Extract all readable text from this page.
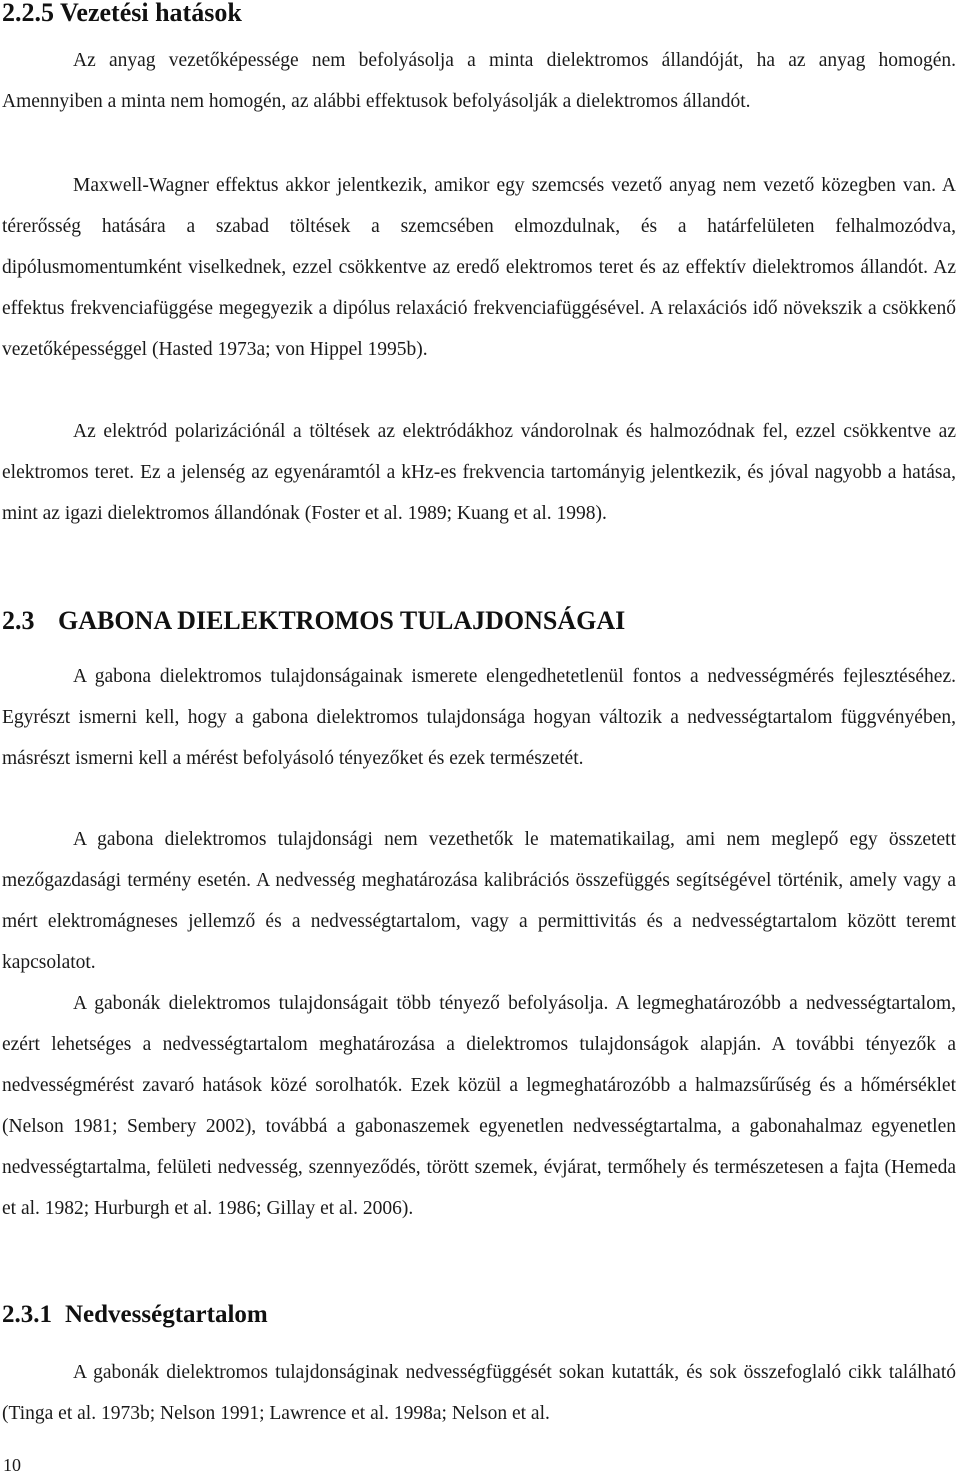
2.2.5 Vezetési hatások

Az anyag vezetőképessége nem befolyásolja a minta dielektromos állandóját, ha az anyag homogén. Amennyiben a minta nem homogén, az alábbi effektusok befolyásolják a dielektromos állandót.

Maxwell-Wagner effektus akkor jelentkezik, amikor egy szemcsés vezető anyag nem vezető közegben van. A térerősség hatására a szabad töltések a szemcsében elmozdulnak, és a határfelületen felhalmozódva, dipólusmomentumként viselkednek, ezzel csökkentve az eredő elektromos teret és az effektív dielektromos állandót. Az effektus frekvenciafüggése megegyezik a dipólus relaxáció frekvenciafüggésével. A relaxációs idő növekszik a csökkenő vezetőképességgel (Hasted 1973a; von Hippel 1995b).

Az elektród polarizációnál a töltések az elektródákhoz vándorolnak és halmozódnak fel, ezzel csökkentve az elektromos teret. Ez a jelenség az egyenáramtól a kHz-es frekvencia tartományig jelentkezik, és jóval nagyobb a hatása, mint az igazi dielektromos állandónak (Foster et al. 1989; Kuang et al. 1998).

2.3 GABONA DIELEKTROMOS TULAJDONSÁGAI

A gabona dielektromos tulajdonságainak ismerete elengedhetetlenül fontos a nedvességmérés fejlesztéséhez. Egyrészt ismerni kell, hogy a gabona dielektromos tulajdonsága hogyan változik a nedvességtartalom függvényében, másrészt ismerni kell a mérést befolyásoló tényezőket és ezek természetét.

A gabona dielektromos tulajdonsági nem vezethetők le matematikailag, ami nem meglepő egy összetett mezőgazdasági termény esetén. A nedvesség meghatározása kalibrációs összefüggés segítségével történik, amely vagy a mért elektromágneses jellemző és a nedvességtartalom, vagy a permittivitás és a nedvességtartalom között teremt kapcsolatot.

A gabonák dielektromos tulajdonságait több tényező befolyásolja. A legmeghatározóbb a nedvességtartalom, ezért lehetséges a nedvességtartalom meghatározása a dielektromos tulajdonságok alapján. A további tényezők a nedvességmérést zavaró hatások közé sorolhatók. Ezek közül a legmeghatározóbb a halmazsűrűség és a hőmérséklet (Nelson 1981; Sembery 2002), továbbá a gabonaszemek egyenetlen nedvességtartalma, a gabonahalmaz egyenetlen nedvességtartalma, felületi nedvesség, szennyeződés, törött szemek, évjárat, termőhely és természetesen a fajta (Hemeda et al. 1982; Hurburgh et al. 1986; Gillay et al. 2006).

2.3.1 Nedvességtartalom

A gabonák dielektromos tulajdonságinak nedvességfüggését sokan kutatták, és sok összefoglaló cikk található (Tinga et al. 1973b; Nelson 1991; Lawrence et al. 1998a; Nelson et al.

10
